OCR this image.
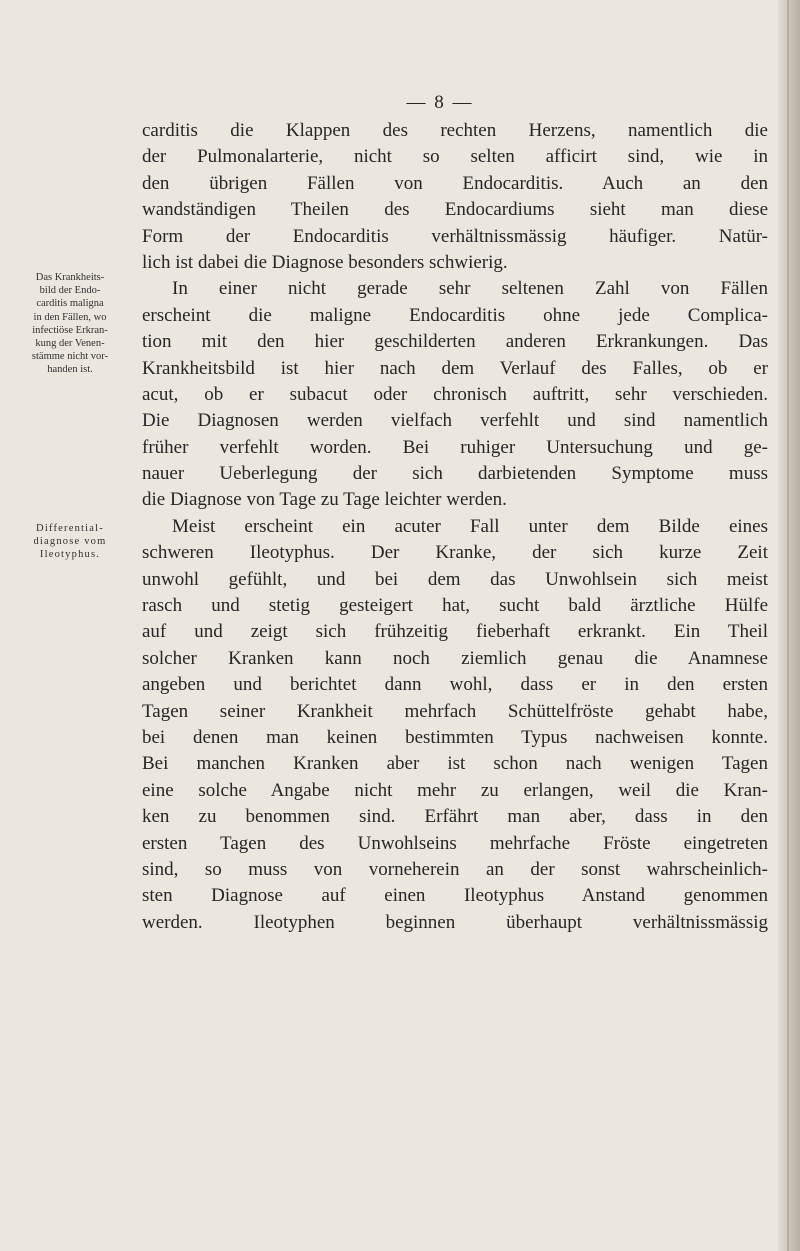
— 8 —
Das Krankheits-
bild der Endo-
carditis maligna
in den Fällen, wo
infectiöse Erkran-
kung der Venen-
stämme nicht vor-
handen ist.
Differential-
diagnose vom
Ileotyphus.
carditis die Klappen des rechten Herzens, namentlich die
der Pulmonalarterie, nicht so selten afficirt sind, wie in
den übrigen Fällen von Endocarditis. Auch an den
wandständigen Theilen des Endocardiums sieht man diese
Form der Endocarditis verhältnissmässig häufiger. Natür-
lich ist dabei die Diagnose besonders schwierig.
In einer nicht gerade sehr seltenen Zahl von Fällen
erscheint die maligne Endocarditis ohne jede Complica-
tion mit den hier geschilderten anderen Erkrankungen. Das
Krankheitsbild ist hier nach dem Verlauf des Falles, ob er
acut, ob er subacut oder chronisch auftritt, sehr verschieden.
Die Diagnosen werden vielfach verfehlt und sind namentlich
früher verfehlt worden. Bei ruhiger Untersuchung und ge-
nauer Ueberlegung der sich darbietenden Symptome muss
die Diagnose von Tage zu Tage leichter werden.
Meist erscheint ein acuter Fall unter dem Bilde eines
schweren Ileotyphus. Der Kranke, der sich kurze Zeit
unwohl gefühlt, und bei dem das Unwohlsein sich meist
rasch und stetig gesteigert hat, sucht bald ärztliche Hülfe
auf und zeigt sich frühzeitig fieberhaft erkrankt. Ein Theil
solcher Kranken kann noch ziemlich genau die Anamnese
angeben und berichtet dann wohl, dass er in den ersten
Tagen seiner Krankheit mehrfach Schüttelfröste gehabt habe,
bei denen man keinen bestimmten Typus nachweisen konnte.
Bei manchen Kranken aber ist schon nach wenigen Tagen
eine solche Angabe nicht mehr zu erlangen, weil die Kran-
ken zu benommen sind. Erfährt man aber, dass in den
ersten Tagen des Unwohlseins mehrfache Fröste eingetreten
sind, so muss von vorneherein an der sonst wahrscheinlich-
sten Diagnose auf einen Ileotyphus Anstand genommen
werden. Ileotyphen beginnen überhaupt verhältnissmässig
